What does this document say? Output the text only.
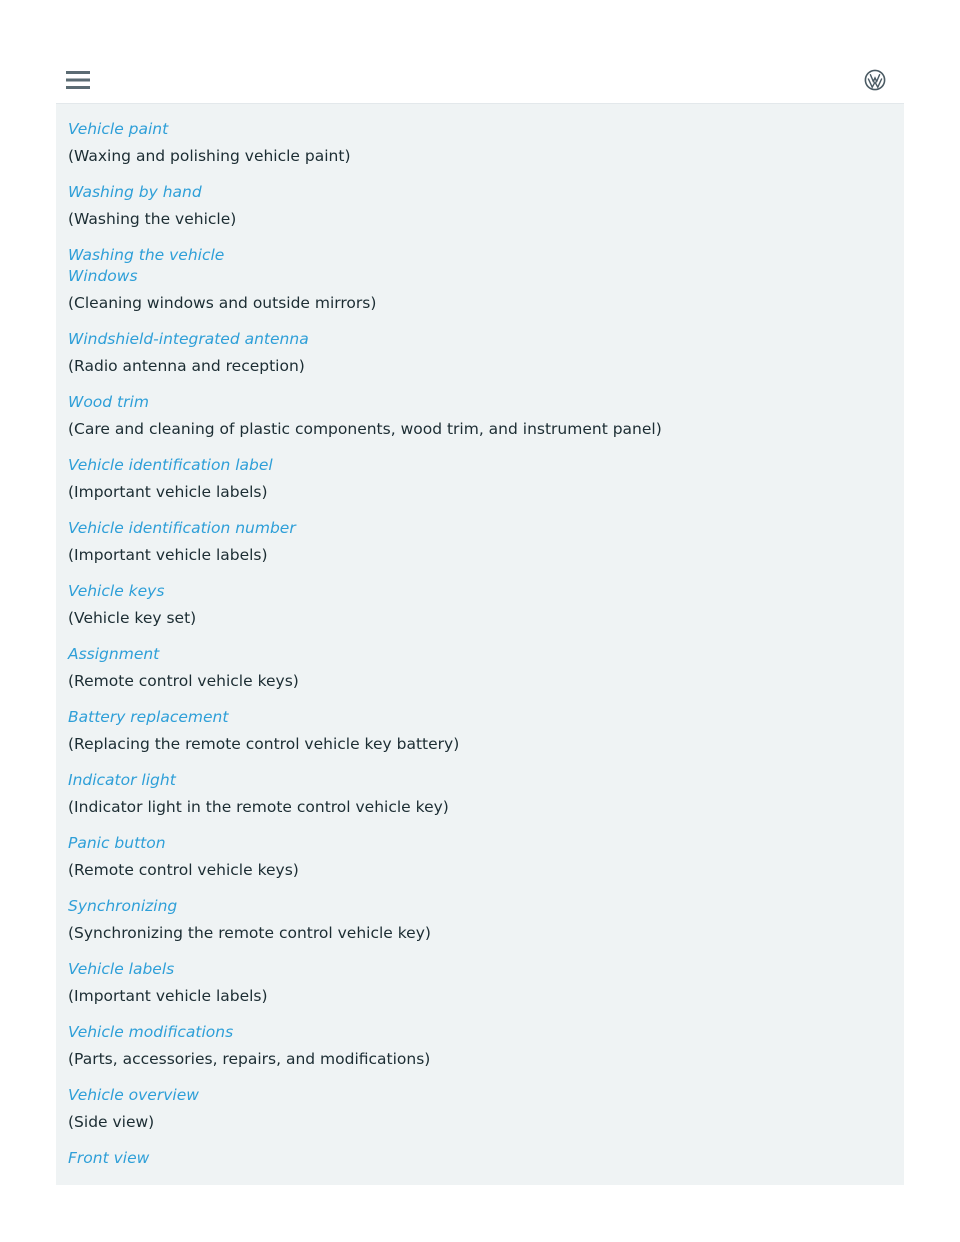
Vehicle paint
(Waxing and polishing vehicle paint)
Washing by hand
(Washing the vehicle)
Washing the vehicle
Windows
(Cleaning windows and outside mirrors)
Windshield-integrated antenna
(Radio antenna and reception)
Wood trim
(Care and cleaning of plastic components, wood trim, and instrument panel)
Vehicle identification label
(Important vehicle labels)
Vehicle identification number
(Important vehicle labels)
Vehicle keys
(Vehicle key set)
Assignment
(Remote control vehicle keys)
Battery replacement
(Replacing the remote control vehicle key battery)
Indicator light
(Indicator light in the remote control vehicle key)
Panic button
(Remote control vehicle keys)
Synchronizing
(Synchronizing the remote control vehicle key)
Vehicle labels
(Important vehicle labels)
Vehicle modifications
(Parts, accessories, repairs, and modifications)
Vehicle overview
(Side view)
Front view
